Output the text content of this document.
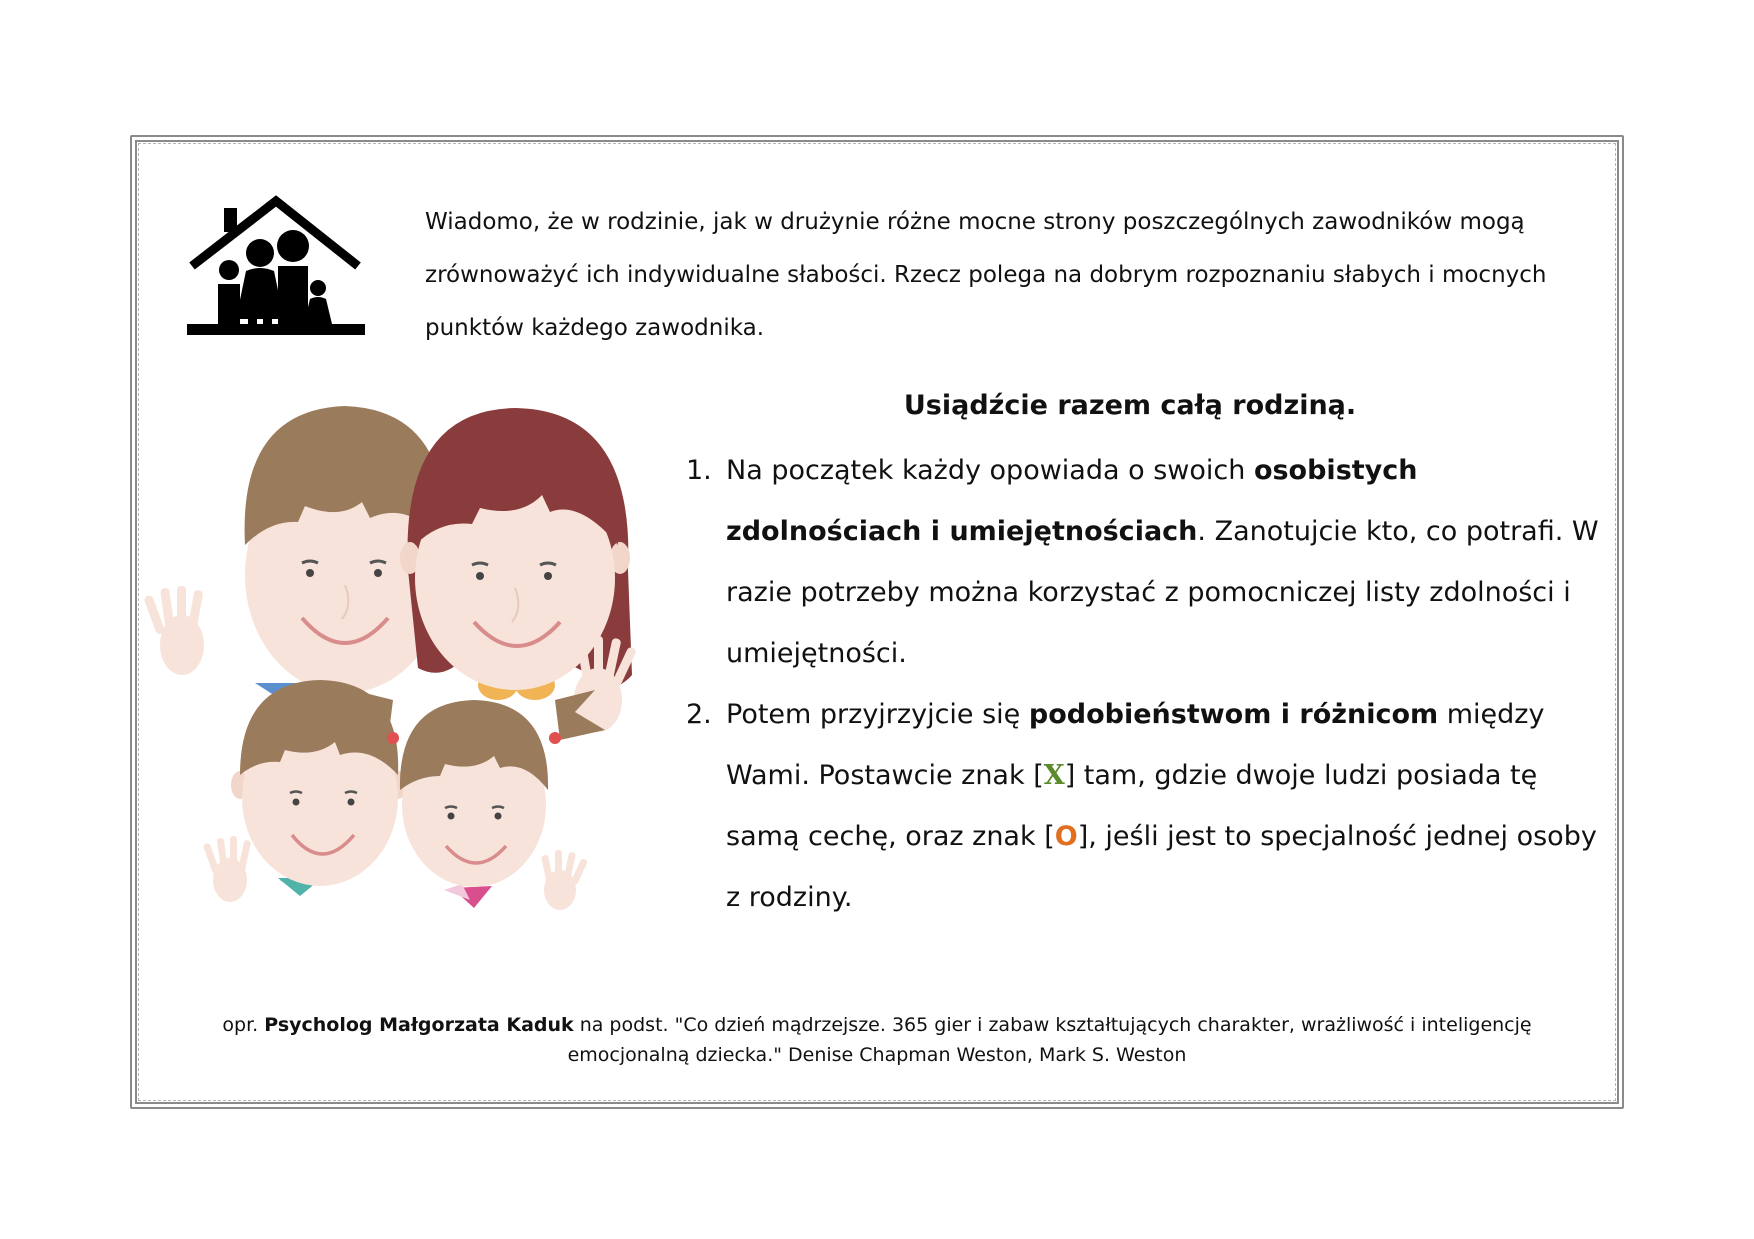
Wiadomo, że w rodzinie, jak w drużynie różne mocne strony poszczególnych zawodników mogą zrównoważyć ich indywidualne słabości. Rzecz polega na dobrym rozpoznaniu słabych i mocnych punktów każdego zawodnika.
Usiądźcie razem całą rodziną.
1. Na początek każdy opowiada o swoich osobistych zdolnościach i umiejętnościach. Zanotujcie kto, co potrafi. W razie potrzeby można korzystać z pomocniczej listy zdolności i umiejętności.
2. Potem przyjrzyjcie się podobieństwom i różnicom między Wami. Postawcie znak [X] tam, gdzie dwoje ludzi posiada tę samą cechę, oraz znak [O], jeśli jest to specjalność jednej osoby z rodziny.
opr. Psycholog Małgorzata Kaduk na podst. "Co dzień mądrzejsze. 365 gier i zabaw kształtujących charakter, wrażliwość i inteligencję emocjonalną dziecka." Denise Chapman Weston, Mark S. Weston
